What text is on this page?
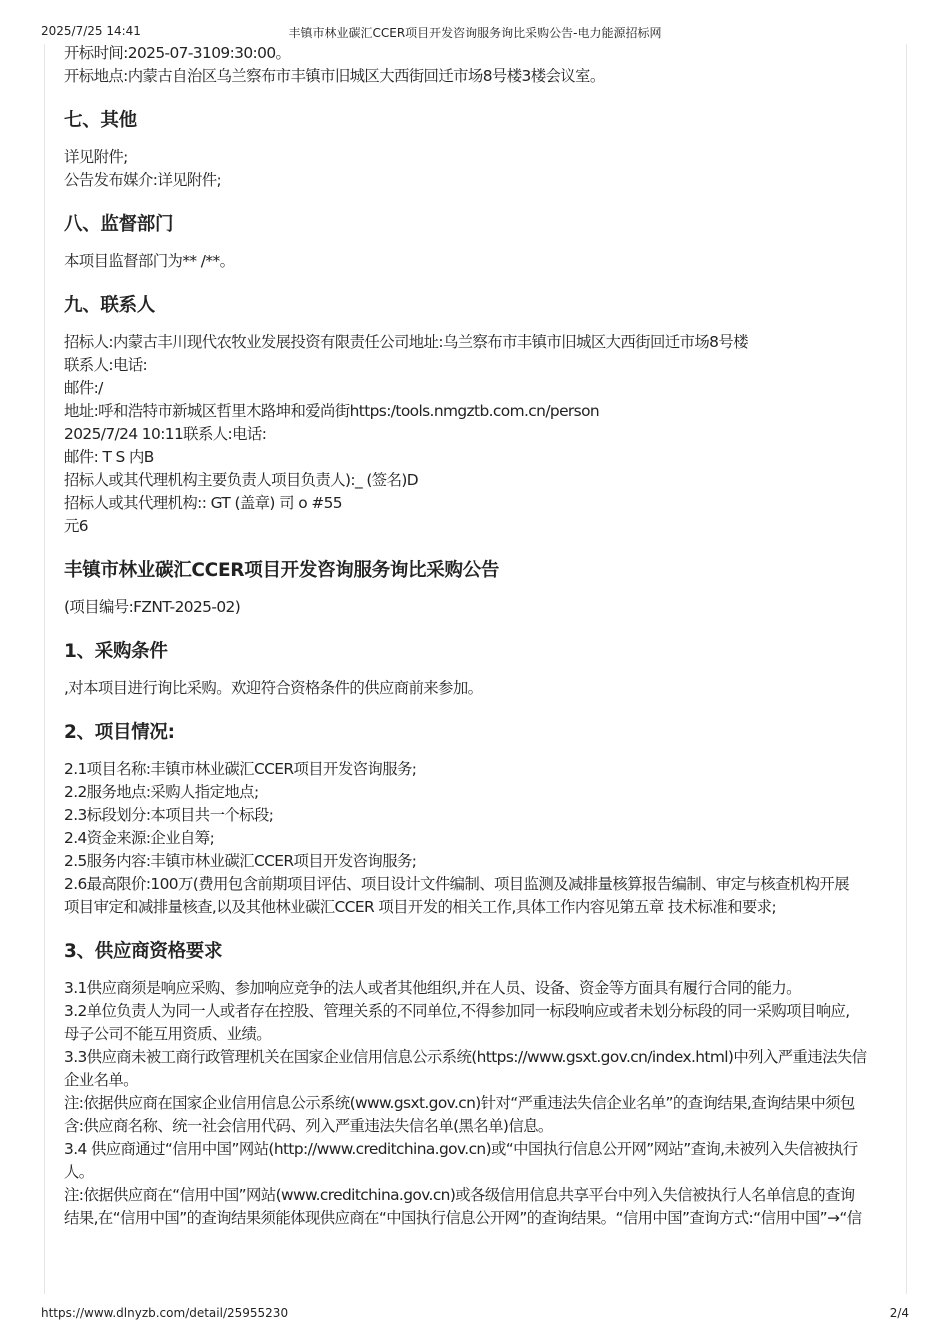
2025/7/25 14:41	丰镇市林业碳汇CCER项目开发咨询服务询比采购公告-电力能源招标网
开标时间:2025-07-3109:30:00。
开标地点:内蒙古自治区乌兰察布市丰镇市旧城区大西街回迁市场8号楼3楼会议室。
七、其他
详见附件;
公告发布媒介:详见附件;
八、监督部门
本项目监督部门为** /**。
九、联系人
招标人:内蒙古丰川现代农牧业发展投资有限责任公司地址:乌兰察布市丰镇市旧城区大西街回迁市场8号楼
联系人:电话:
邮件:/
地址:呼和浩特市新城区哲里木路坤和爱尚街https:/tools.nmgztb.com.cn/person
2025/7/24 10:11联系人:电话:
邮件: T S 内B
招标人或其代理机构主要负责人项目负责人):_ (签名)D
招标人或其代理机构:: GT (盖章) 司 o #55
元6
丰镇市林业碳汇CCER项目开发咨询服务询比采购公告
(项目编号:FZNT-2025-02)
1、采购条件
,对本项目进行询比采购。欢迎符合资格条件的供应商前来参加。
2、项目情况:
2.1项目名称:丰镇市林业碳汇CCER项目开发咨询服务;
2.2服务地点:采购人指定地点;
2.3标段划分:本项目共一个标段;
2.4资金来源:企业自筹;
2.5服务内容:丰镇市林业碳汇CCER项目开发咨询服务;
2.6最高限价:100万(费用包含前期项目评估、项目设计文件编制、项目监测及减排量核算报告编制、审定与核查机构开展
项目审定和减排量核查,以及其他林业碳汇CCER 项目开发的相关工作,具体工作内容见第五章 技术标准和要求;
3、供应商资格要求
3.1供应商须是响应采购、参加响应竞争的法人或者其他组织,并在人员、设备、资金等方面具有履行合同的能力。
3.2单位负责人为同一人或者存在控股、管理关系的不同单位,不得参加同一标段响应或者未划分标段的同一采购项目响应,
母子公司不能互用资质、业绩。
3.3供应商未被工商行政管理机关在国家企业信用信息公示系统(https://www.gsxt.gov.cn/index.html)中列入严重违法失信
企业名单。
注:依据供应商在国家企业信用信息公示系统(www.gsxt.gov.cn)针对“严重违法失信企业名单”的查询结果,查询结果中须包
含:供应商名称、统一社会信用代码、列入严重违法失信名单(黑名单)信息。
3.4 供应商通过“信用中国”网站(http://www.creditchina.gov.cn)或“中国执行信息公开网”网站”查询,未被列入失信被执行
人。
注:依据供应商在“信用中国”网站(www.creditchina.gov.cn)或各级信用信息共享平台中列入失信被执行人名单信息的查询
结果,在“信用中国”的查询结果须能体现供应商在“中国执行信息公开网”的查询结果。“信用中国”查询方式:“信用中国”→“信
https://www.dlnyzb.com/detail/25955230	2/4
